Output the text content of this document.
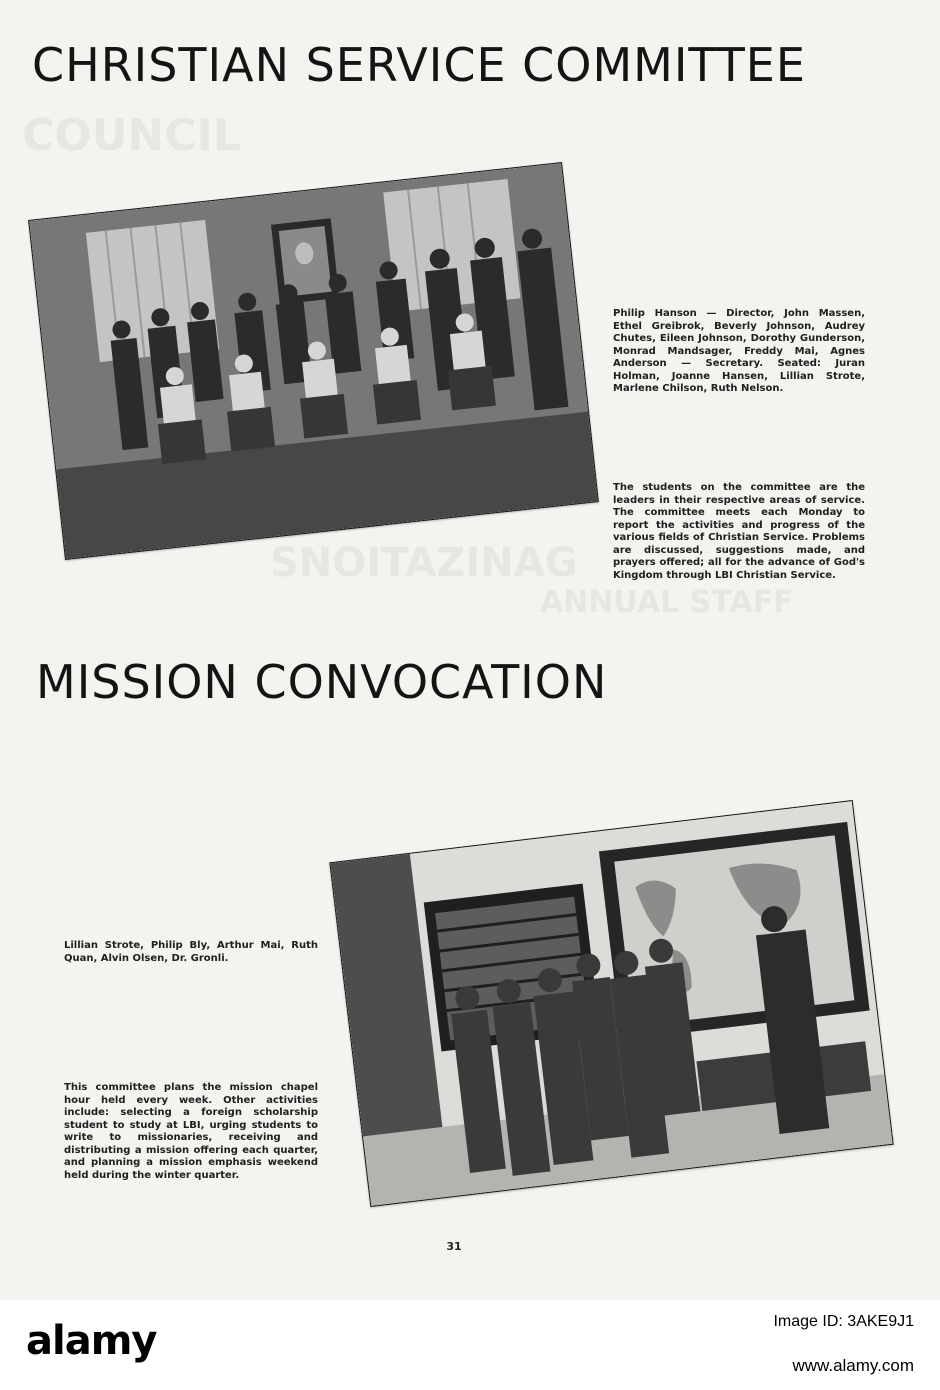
COUNCIL
SNOITAZINAG
ANNUAL STAFF
CHRISTIAN SERVICE COMMITTEE

Philip Hanson — Director, John Massen, Ethel Greibrok, Beverly Johnson, Audrey Chutes, Eileen Johnson, Dorothy Gunderson, Monrad Mandsager, Freddy Mai, Agnes Anderson — Secretary. Seated: Juran Holman, Joanne Hansen, Lillian Strote, Marlene Chilson, Ruth Nelson.

The students on the committee are the leaders in their respective areas of service. The committee meets each Monday to report the activities and progress of the various fields of Christian Service. Problems are discussed, suggestions made, and prayers offered; all for the advance of God's Kingdom through LBI Christian Service.

MISSION CONVOCATION

Lillian Strote, Philip Bly, Arthur Mai, Ruth Quan, Alvin Olsen, Dr. Gronli.

This committee plans the mission chapel hour held every week. Other activities include: selecting a foreign scholarship student to study at LBI, urging students to write to missionaries, receiving and distributing a mission offering each quarter, and planning a mission emphasis weekend held during the winter quarter.

31
alamy	Image ID: 3AKE9J1
www.alamy.com
